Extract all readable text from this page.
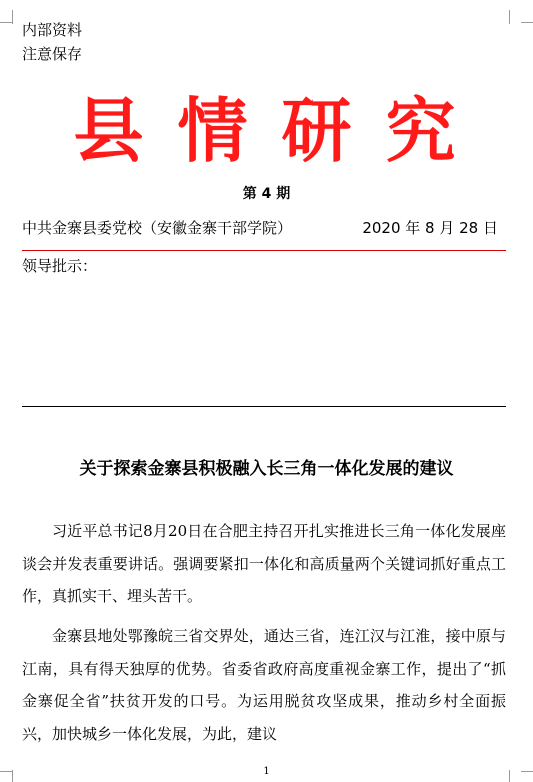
内部资料
注意保存
县情研究
第 4 期
中共金寨县委党校（安徽金寨干部学院）	2020 年 8 月 28 日
领导批示：
关于探索金寨县积极融入长三角一体化发展的建议

习近平总书记8月20日在合肥主持召开扎实推进长三角一体化发展座谈会并发表重要讲话。强调要紧扣一体化和高质量两个关键词抓好重点工作，真抓实干、埋头苦干。

金寨县地处鄂豫皖三省交界处，通达三省，连江汉与江淮，接中原与江南，具有得天独厚的优势。省委省政府高度重视金寨工作，提出了“抓金寨促全省”扶贫开发的口号。为运用脱贫攻坚成果，推动乡村全面振兴，加快城乡一体化发展，为此，建议

1
